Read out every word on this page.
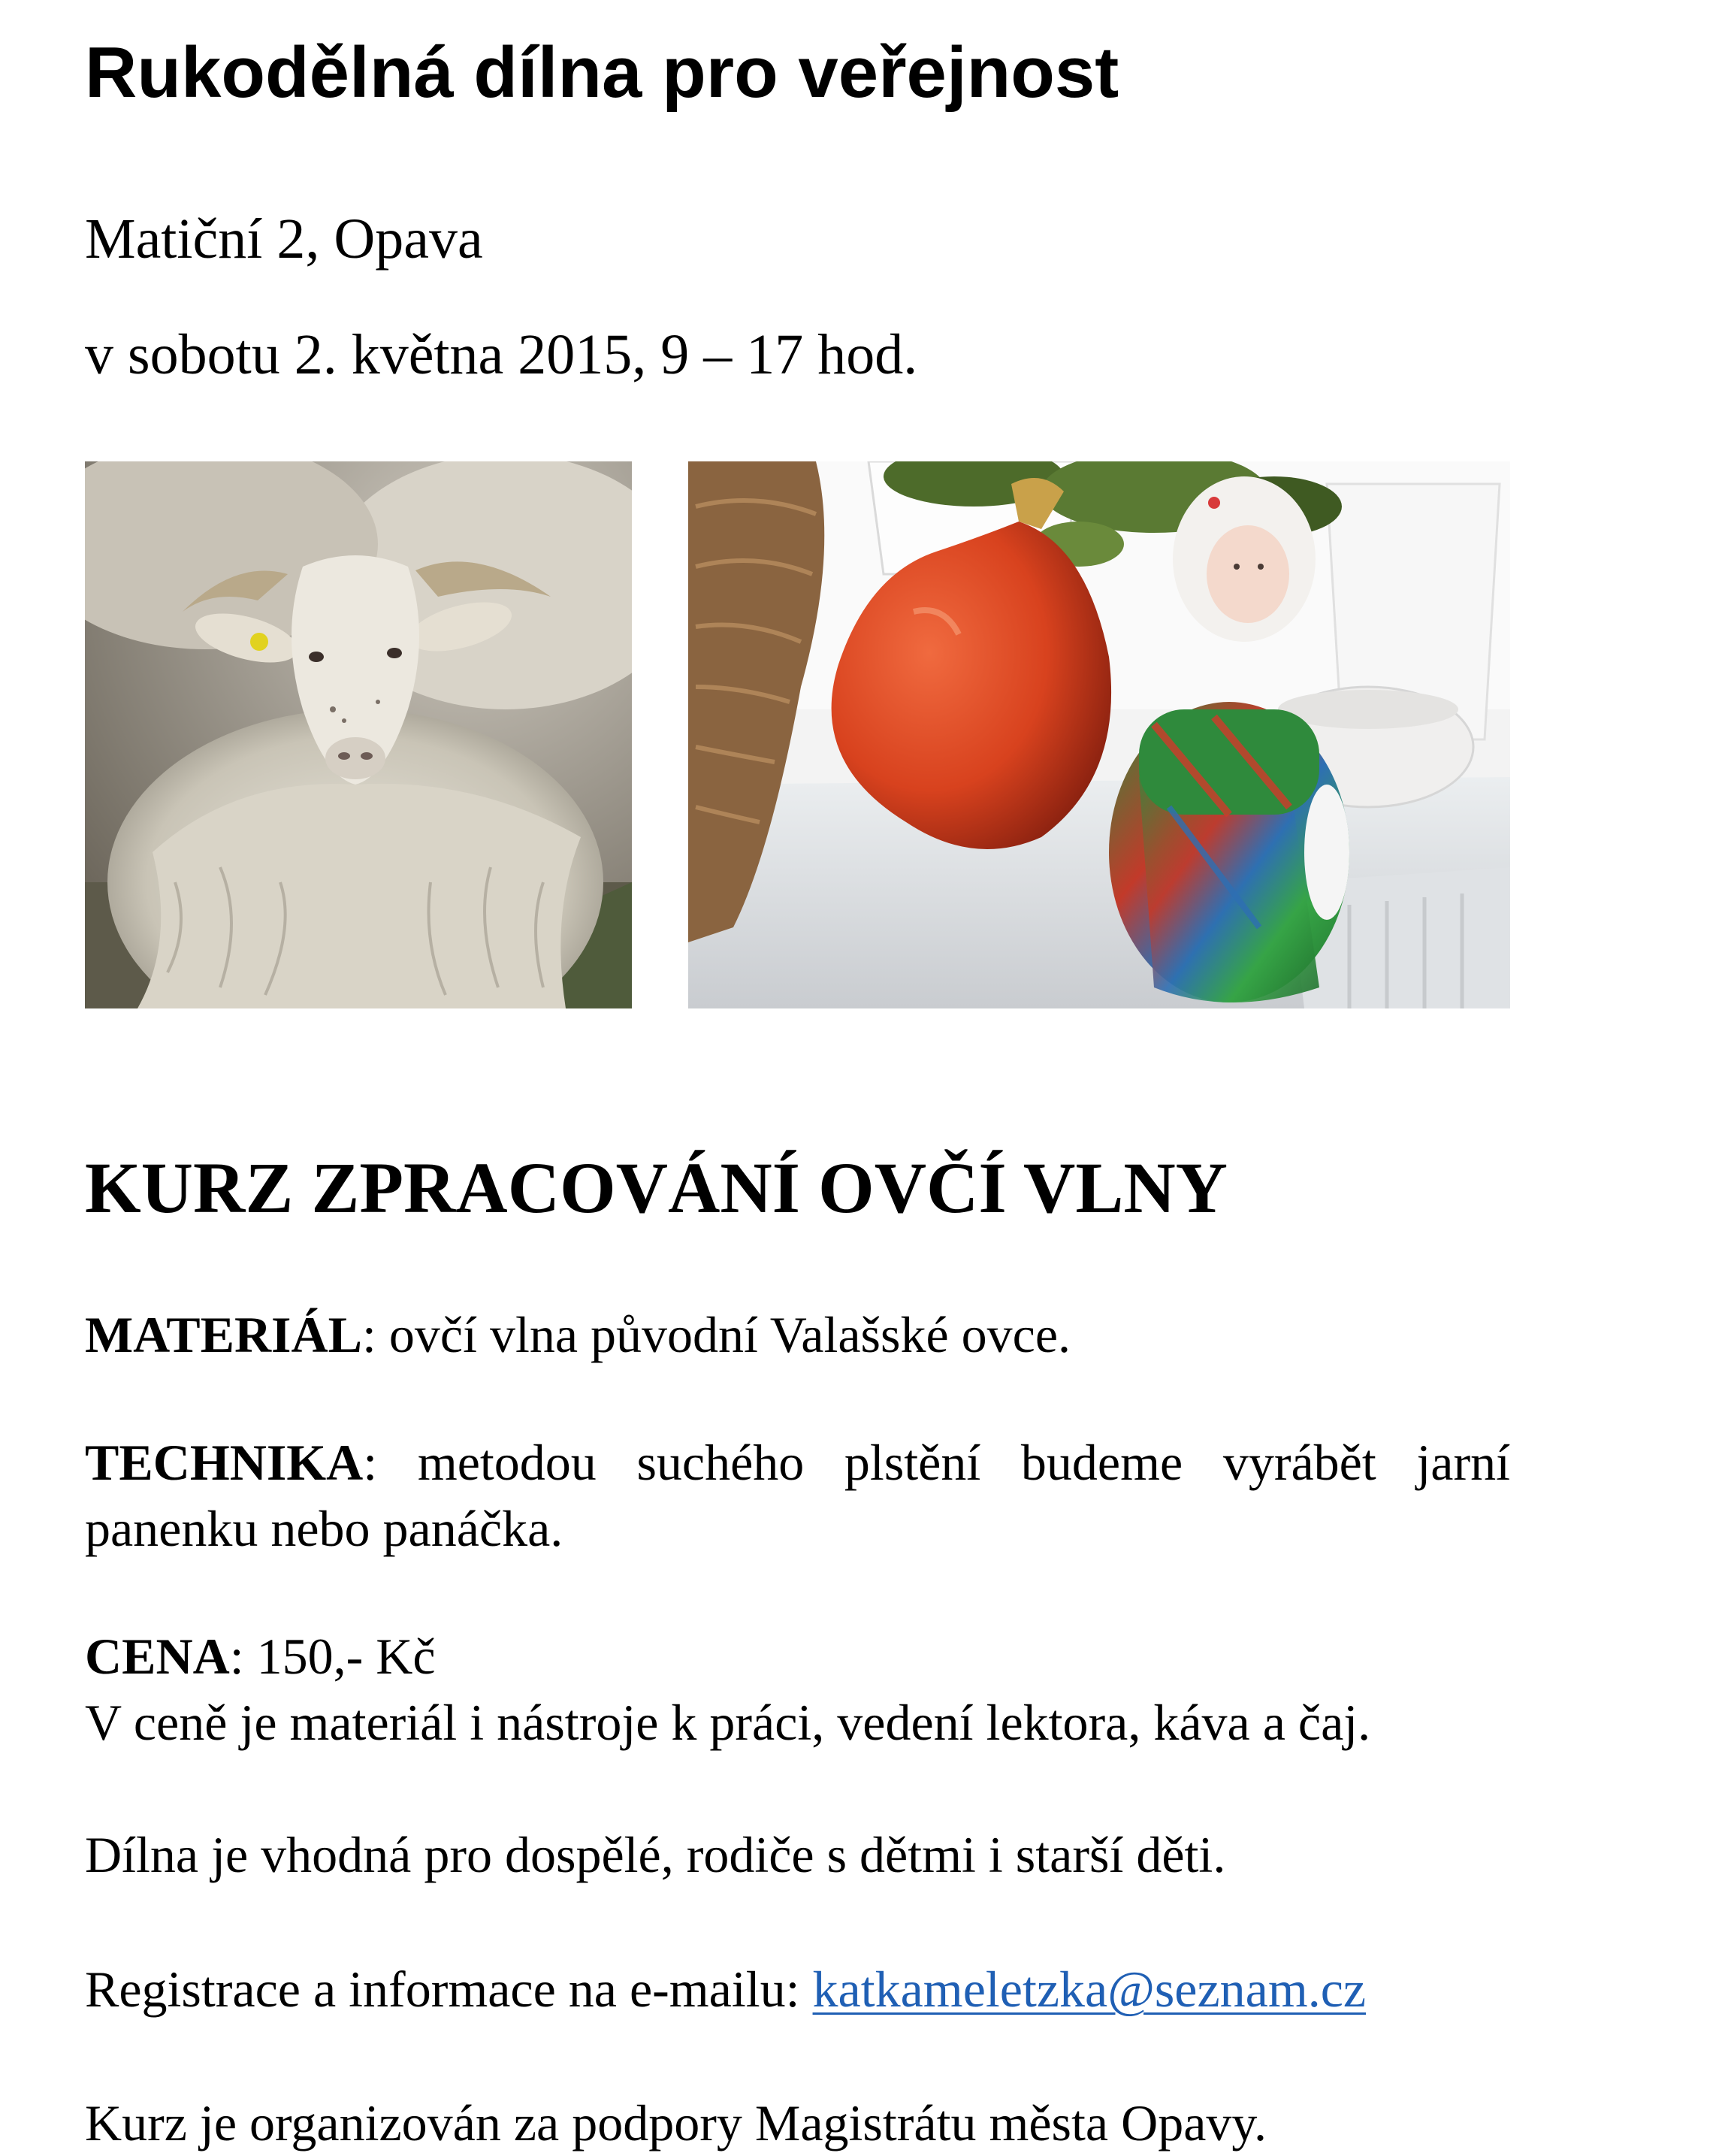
Rukodělná dílna pro veřejnost

Matiční 2, Opava

v sobotu 2. května 2015, 9 – 17 hod.

KURZ ZPRACOVÁNÍ OVČÍ VLNY

MATERIÁL: ovčí vlna původní Valašské ovce.

TECHNIKA: metodou suchého plstění budeme vyrábět jarní panenku nebo panáčka.

CENA: 150,- Kč
V ceně je materiál i nástroje k práci, vedení lektora, káva a čaj.

Dílna je vhodná pro dospělé, rodiče s dětmi i starší děti.

Registrace a informace na e-mailu: katkameletzka@seznam.cz

Kurz je organizován za podpory Magistrátu města Opavy.
